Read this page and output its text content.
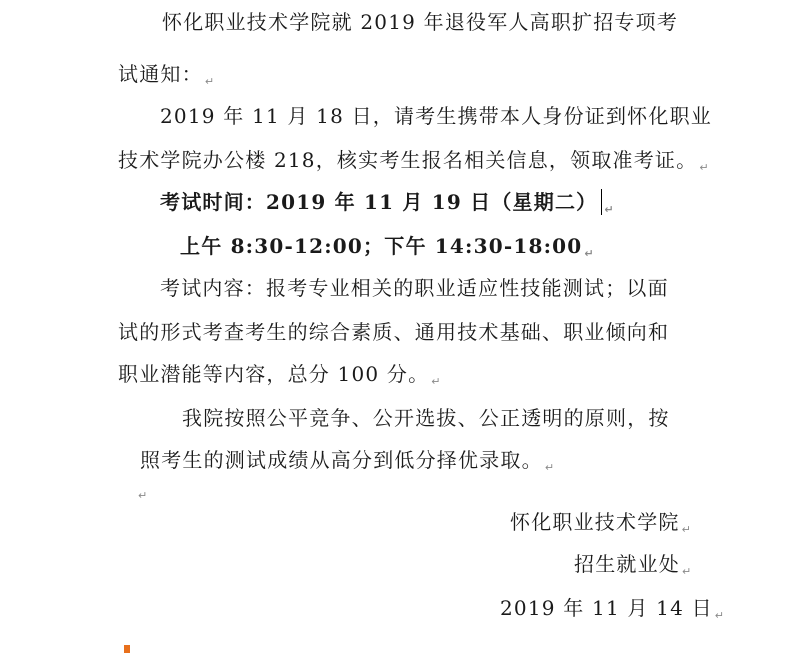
怀化职业技术学院就 2019 年退役军人高职扩招专项考
试通知： $_↵$
2019 年 11 月 18 日，请考生携带本人身份证到怀化职业
技术学院办公楼 218，核实考生报名相关信息，领取准考证。 $_↵$
考试时间：2019 年 11 月 19 日（星期二） $_↵$
上午 8:30-12:00；下午 14:30-18:00 $_↵$
考试内容：报考专业相关的职业适应性技能测试；以面
试的形式考查考生的综合素质、通用技术基础、职业倾向和
职业潜能等内容，总分 100 分。 $_↵$
我院按照公平竞争、公开选拔、公正透明的原则，按
照考生的测试成绩从高分到低分择优录取。 $_↵$
$_↵$
怀化职业技术学院 $_↵$
招生就业处 $_↵$
2019 年 11 月 14 日 $_↵$
